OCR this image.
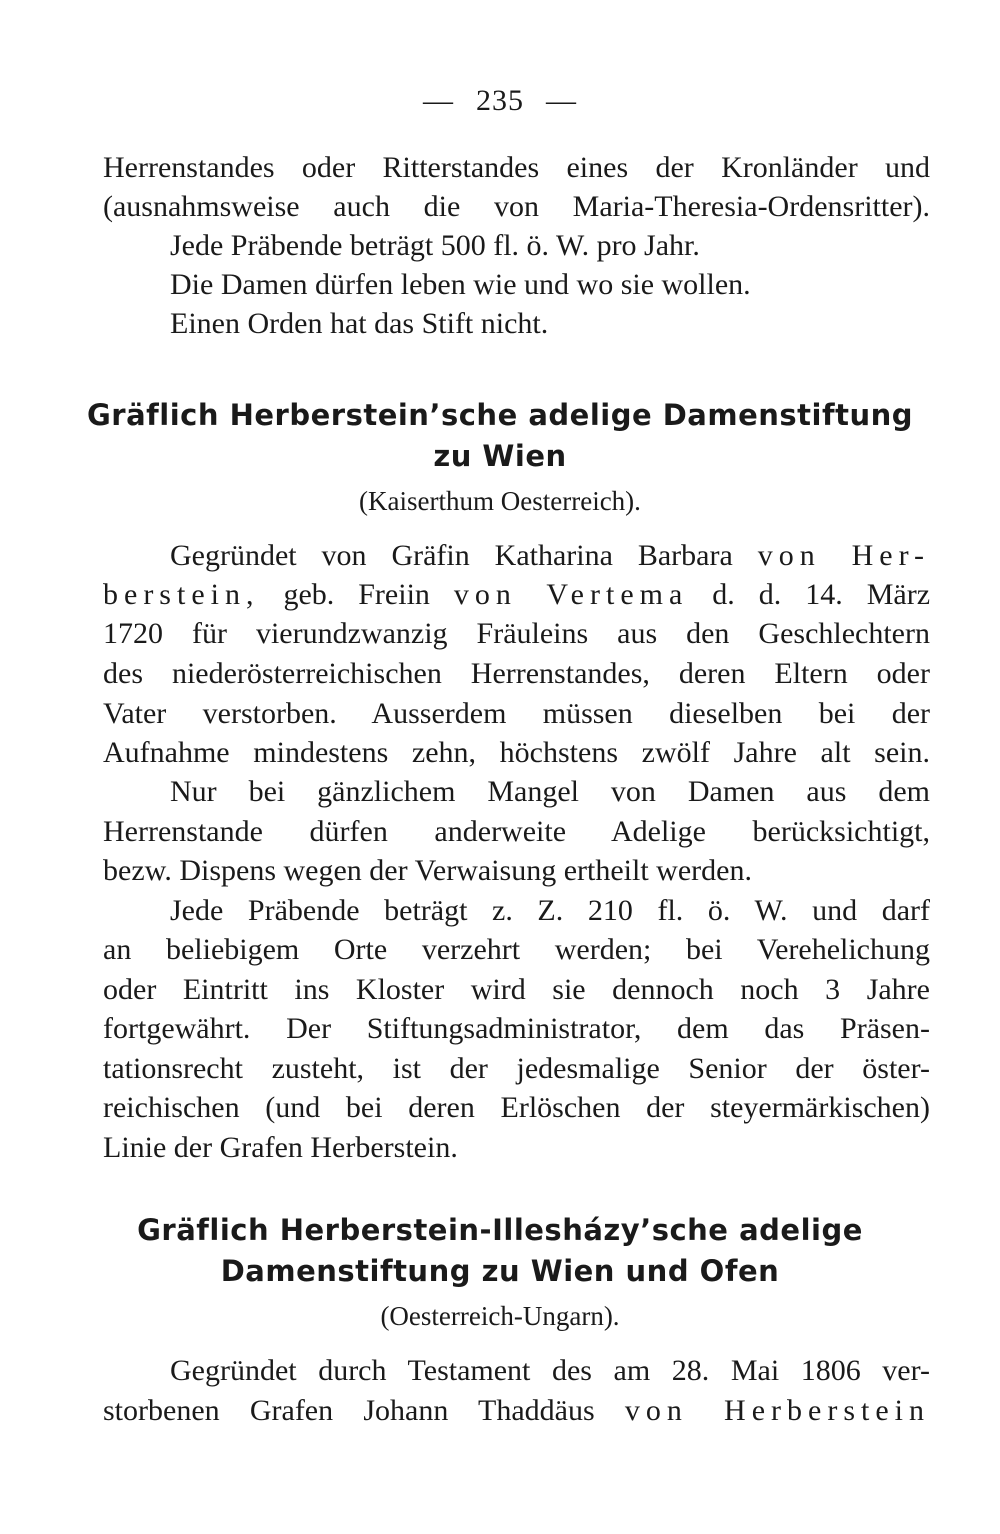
— 235 —
Herrenstandes oder Ritterstandes eines der Kronländer und
(ausnahmsweise auch die von Maria-Theresia-Ordensritter).
Jede Präbende beträgt 500 fl. ö. W. pro Jahr.
Die Damen dürfen leben wie und wo sie wollen.
Einen Orden hat das Stift nicht.
Gräflich Herberstein’sche adelige Damenstiftung
zu Wien
(Kaiserthum Oesterreich).
Gegründet von Gräfin Katharina Barbara von Her-
berstein, geb. Freiin von Vertema d. d. 14. März
1720 für vierundzwanzig Fräuleins aus den Geschlechtern
des niederösterreichischen Herrenstandes, deren Eltern oder
Vater verstorben. Ausserdem müssen dieselben bei der
Aufnahme mindestens zehn, höchstens zwölf Jahre alt sein.
Nur bei gänzlichem Mangel von Damen aus dem
Herrenstande dürfen anderweite Adelige berücksichtigt,
bezw. Dispens wegen der Verwaisung ertheilt werden.
Jede Präbende beträgt z. Z. 210 fl. ö. W. und darf
an beliebigem Orte verzehrt werden; bei Verehelichung
oder Eintritt ins Kloster wird sie dennoch noch 3 Jahre
fortgewährt. Der Stiftungsadministrator, dem das Präsen-
tationsrecht zusteht, ist der jedesmalige Senior der öster-
reichischen (und bei deren Erlöschen der steyermärkischen)
Linie der Grafen Herberstein.
Gräflich Herberstein-Illesházy’sche adelige
Damenstiftung zu Wien und Ofen
(Oesterreich-Ungarn).
Gegründet durch Testament des am 28. Mai 1806 ver-
storbenen Grafen Johann Thaddäus von Herberstein
